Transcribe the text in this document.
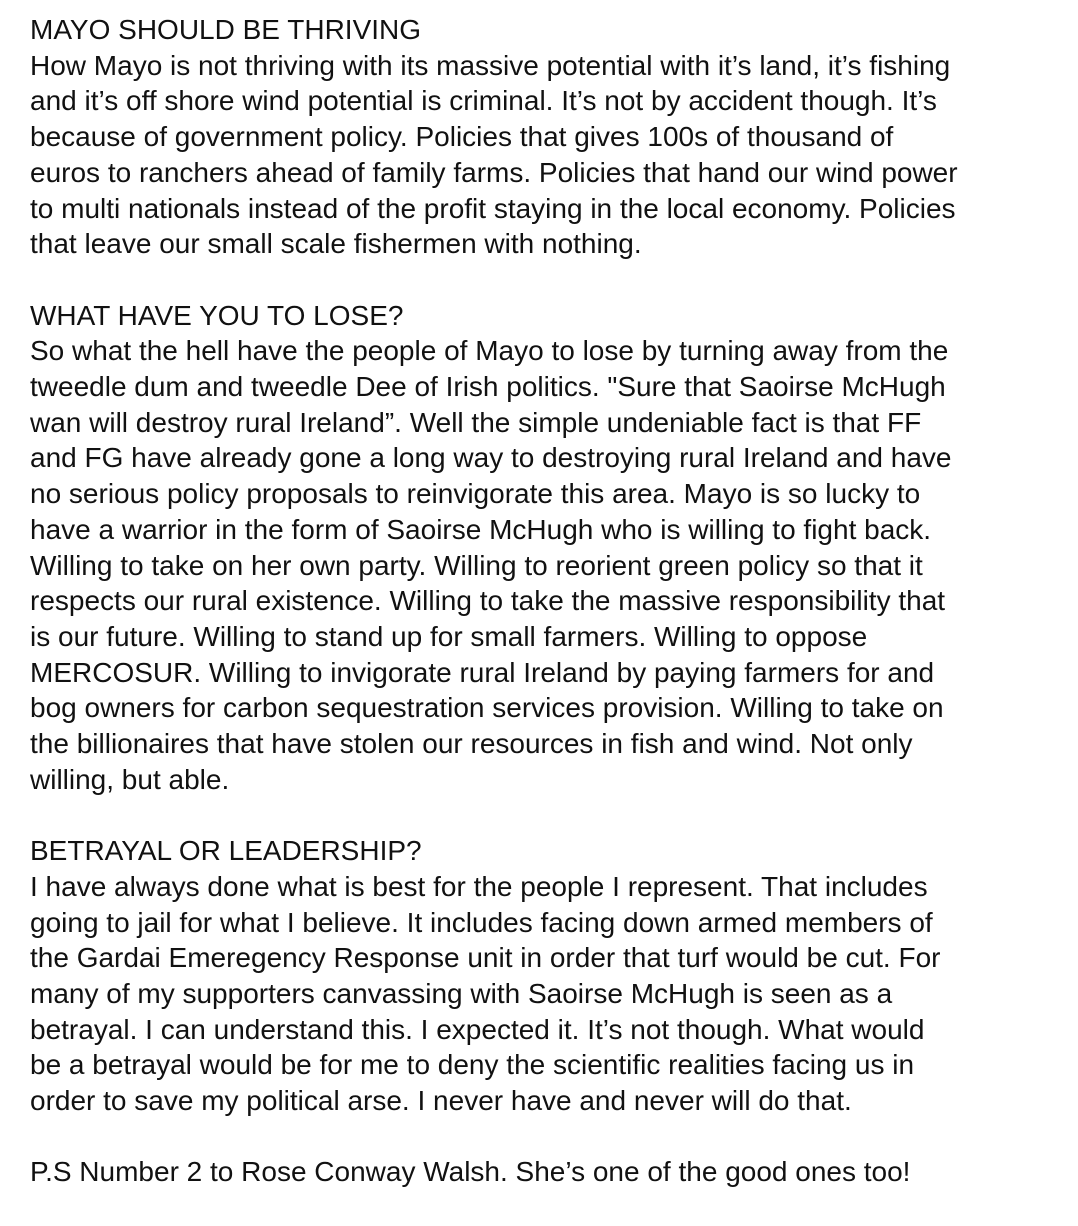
MAYO SHOULD BE THRIVING
How Mayo is not thriving with its massive potential with it’s land, it’s fishing
and it’s off shore wind potential is criminal. It’s not by accident though. It’s
because of government policy. Policies that gives 100s of thousand of
euros to ranchers ahead of family farms. Policies that hand our wind power
to multi nationals instead of the profit staying in the local economy. Policies
that leave our small scale fishermen with nothing.
WHAT HAVE YOU TO LOSE?
So what the hell have the people of Mayo to lose by turning away from the
tweedle dum and tweedle Dee of Irish politics. "Sure that Saoirse McHugh
wan will destroy rural Ireland”. Well the simple undeniable fact is that FF
and FG have already gone a long way to destroying rural Ireland and have
no serious policy proposals to reinvigorate this area. Mayo is so lucky to
have a warrior in the form of Saoirse McHugh who is willing to fight back.
Willing to take on her own party. Willing to reorient green policy so that it
respects our rural existence. Willing to take the massive responsibility that
is our future. Willing to stand up for small farmers. Willing to oppose
MERCOSUR. Willing to invigorate rural Ireland by paying farmers for and
bog owners for carbon sequestration services provision. Willing to take on
the billionaires that have stolen our resources in fish and wind. Not only
willing, but able.
BETRAYAL OR LEADERSHIP?
I have always done what is best for the people I represent. That includes
going to jail for what I believe. It includes facing down armed members of
the Gardai Emeregency Response unit in order that turf would be cut. For
many of my supporters canvassing with Saoirse McHugh is seen as a
betrayal. I can understand this. I expected it. It’s not though. What would
be a betrayal would be for me to deny the scientific realities facing us in
order to save my political arse. I never have and never will do that.
P.S Number 2 to Rose Conway Walsh. She’s one of the good ones too!
